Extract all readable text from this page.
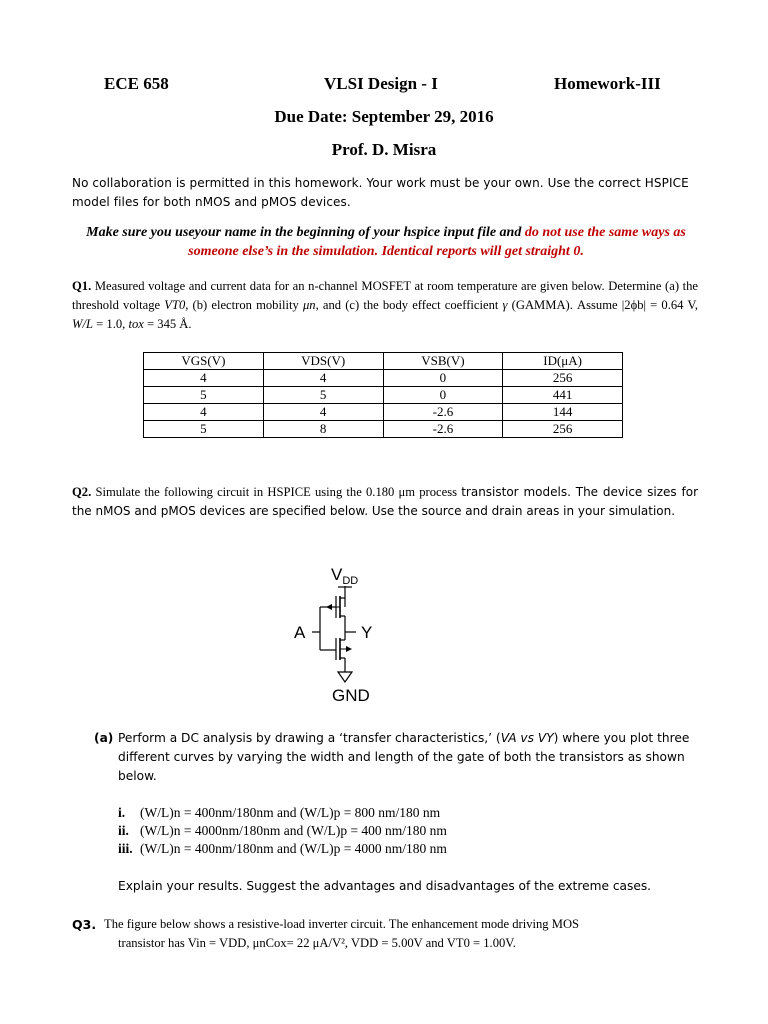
ECE 658	VLSI Design - I	Homework-III
Due Date: September 29, 2016
Prof. D. Misra
No collaboration is permitted in this homework. Your work must be your own. Use the correct HSPICE model files for both nMOS and pMOS devices.
Make sure you useyour name in the beginning of your hspice input file and do not use the same ways as someone else’s in the simulation. Identical reports will get straight 0.
Q1. Measured voltage and current data for an n-channel MOSFET at room temperature are given below. Determine (a) the threshold voltage VT0, (b) electron mobility μn, and (c) the body effect coefficient γ (GAMMA). Assume |2ϕb| = 0.64 V, W/L = 1.0, tox = 345 Å.
VGS(V)	VDS(V)	VSB(V)	ID(μA)
4	4	0	256
5	5	0	441
4	4	-2.6	144
5	8	-2.6	256
Q2. Simulate the following circuit in HSPICE using the 0.180 μm process transistor models. The device sizes for the nMOS and pMOS devices are specified below. Use the source and drain areas in your simulation.
$V_{DD}$
A	Y
GND
(a) Perform a DC analysis by drawing a ‘transfer characteristics,’ (VA vs VY) where you plot three different curves by varying the width and length of the gate of both the transistors as shown below.
i. (W/L)n = 400nm/180nm and (W/L)p = 800 nm/180 nm
ii. (W/L)n = 4000nm/180nm and (W/L)p = 400 nm/180 nm
iii. (W/L)n = 400nm/180nm and (W/L)p = 4000 nm/180 nm
Explain your results. Suggest the advantages and disadvantages of the extreme cases.
Q3. The figure below shows a resistive-load inverter circuit. The enhancement mode driving MOS
transistor has Vin = VDD, μnCox= 22 μA/V², VDD = 5.00V and VT0 = 1.00V.
